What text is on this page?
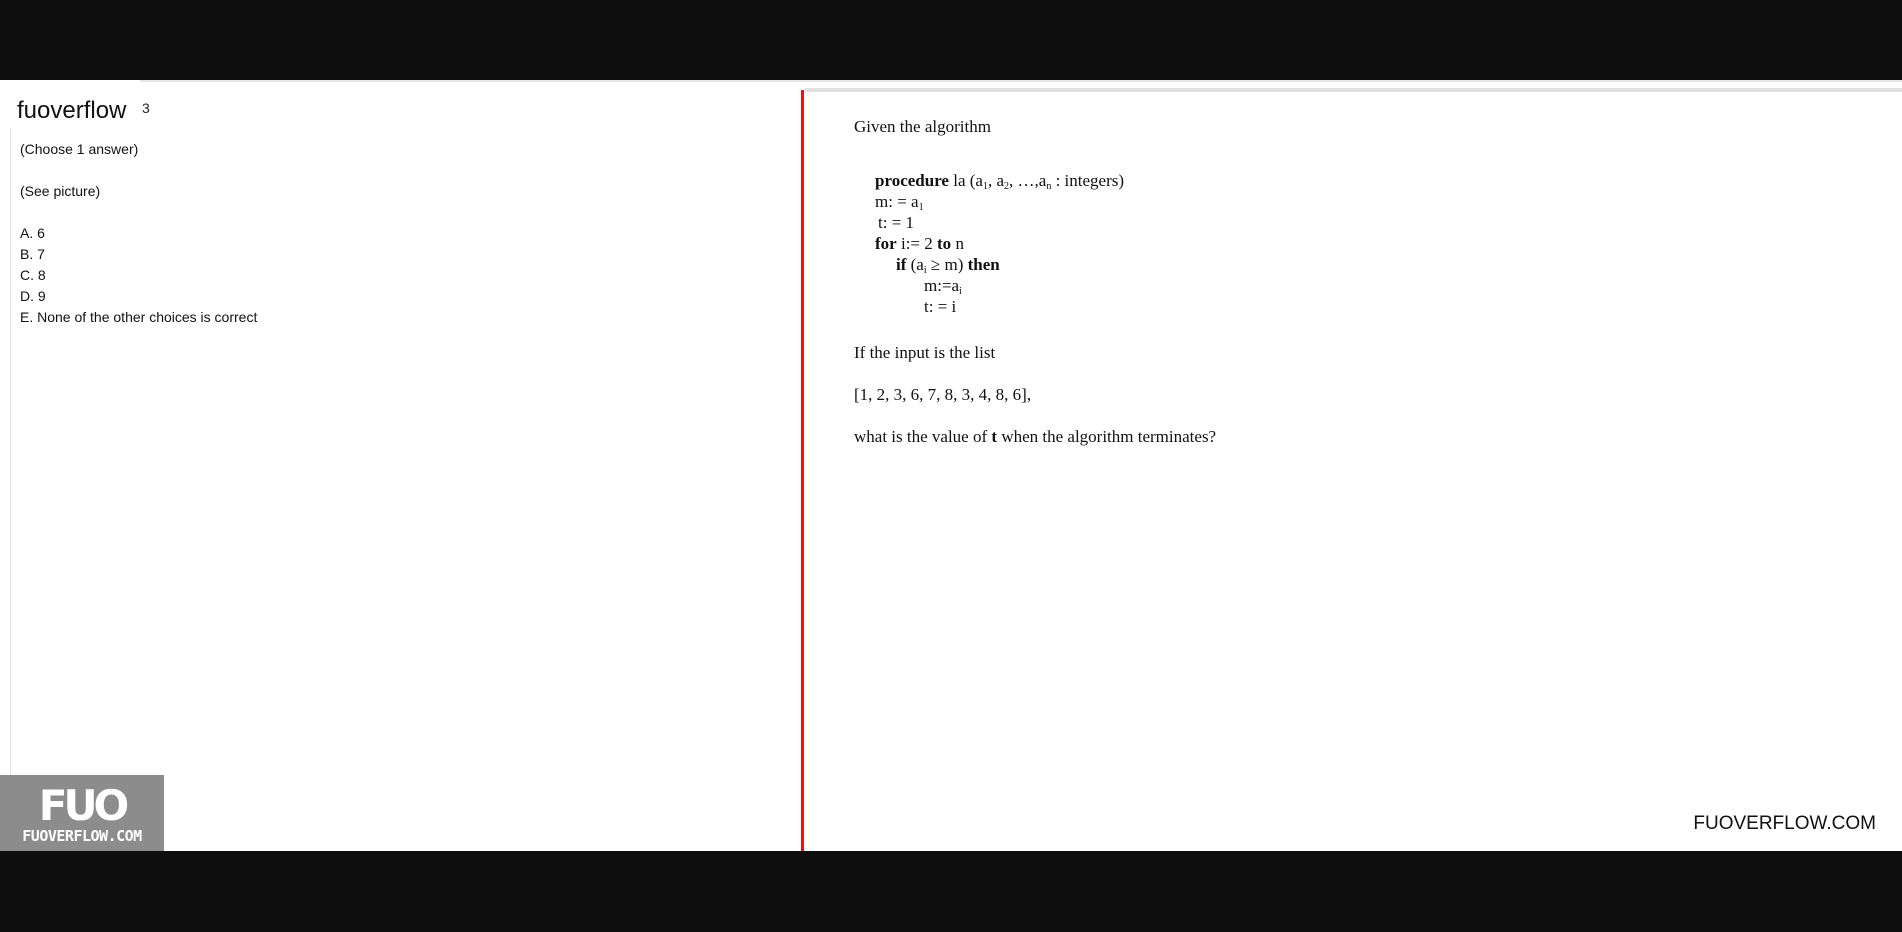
fuoverflow 3
(Choose 1 answer)
(See picture)
A. 6
B. 7
C. 8
D. 9
E. None of the other choices is correct
FUO
FUOVERFLOW.COM
Given the algorithm
procedure la ($a_1$, $a_2$, $\dots,a_n$ : integers)
m: = $a_1$
t: = 1
for i:= 2 to n
if $(a_i \ge m)$ then
$m:=a_i$
t: = i
If the input is the list
[1, 2, 3, 6, 7, 8, 3, 4, 8, 6],
what is the value of t when the algorithm terminates?
FUOVERFLOW.COM
